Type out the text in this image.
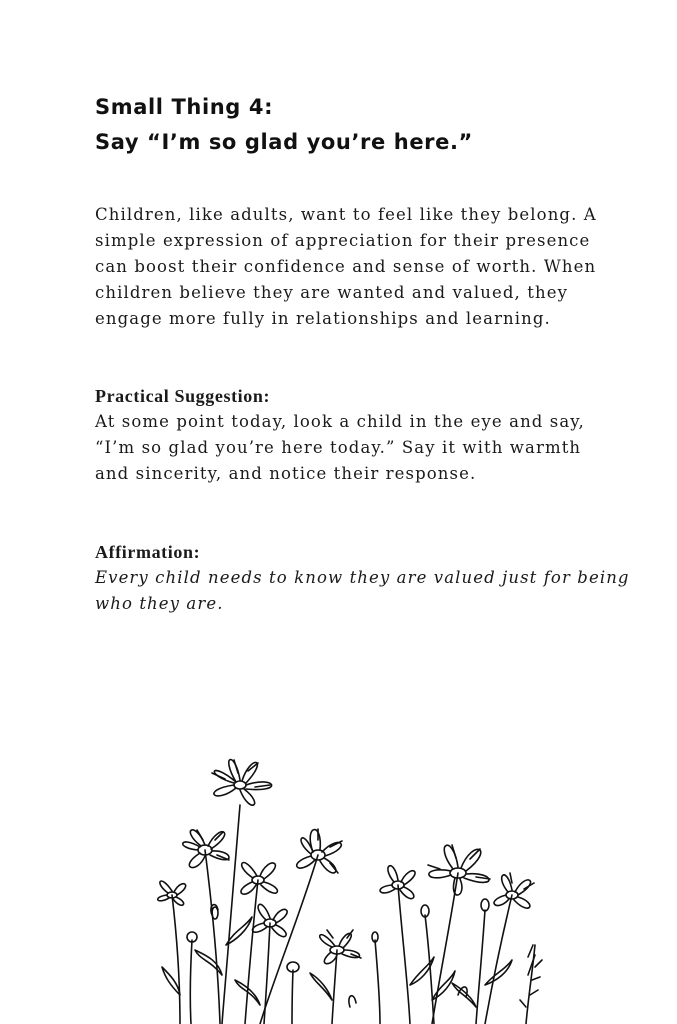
Small Thing 4:
Say “I’m so glad you’re here.”

Children, like adults, want to feel like they belong. A
simple expression of appreciation for their presence
can boost their confidence and sense of worth. When
children believe they are wanted and valued, they
engage more fully in relationships and learning.

Practical Suggestion:
At some point today, look a child in the eye and say,
“I’m so glad you’re here today.” Say it with warmth
and sincerity, and notice their response.
Affirmation:
Every child needs to know they are valued just for being
who they are.
